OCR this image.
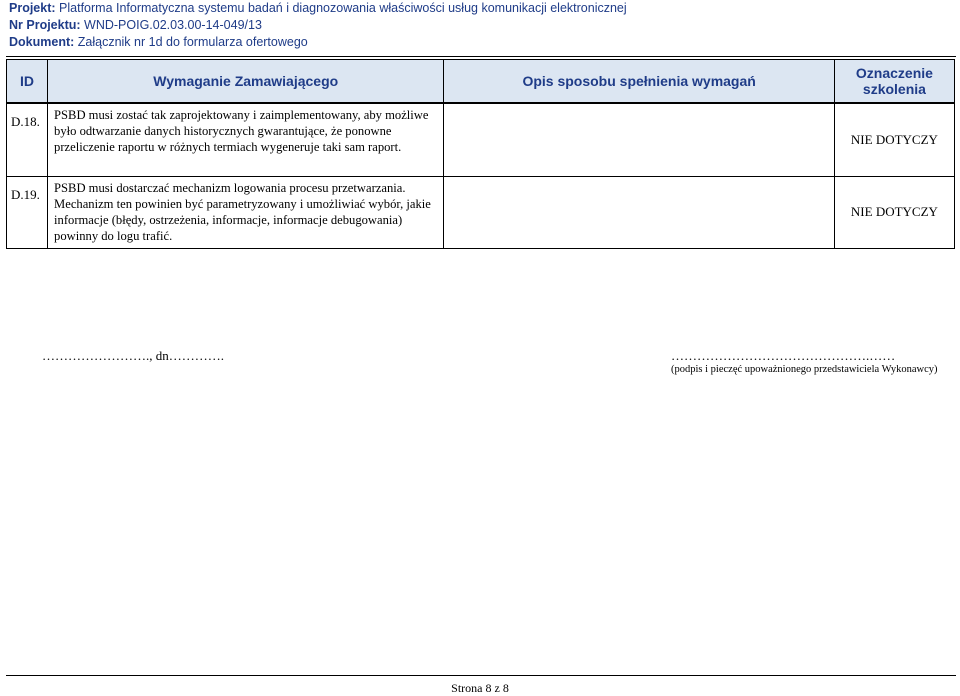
Projekt: Platforma Informatyczna systemu badań i diagnozowania właściwości usług komunikacji elektronicznej
Nr Projektu: WND-POIG.02.03.00-14-049/13
Dokument: Załącznik nr 1d do formularza ofertowego
ID	Wymaganie Zamawiającego	Opis sposobu spełnienia wymagań	Oznaczenie szkolenia
D.18.	PSBD musi zostać tak zaprojektowany i zaimplementowany, aby możliwe było odtwarzanie danych historycznych gwarantujące, że ponowne przeliczenie raportu w różnych termiach wygeneruje taki sam raport.		NIE DOTYCZY
D.19.	PSBD musi dostarczać mechanizm logowania procesu przetwarzania. Mechanizm ten powinien być parametryzowany i umożliwiać wybór, jakie informacje (błędy, ostrzeżenia, informacje, informacje debugowania) powinny do logu trafić.		NIE DOTYCZY
……………………., dn………….	……………………………………….……
(podpis i pieczęć upoważnionego przedstawiciela Wykonawcy)
Strona 8 z 8
